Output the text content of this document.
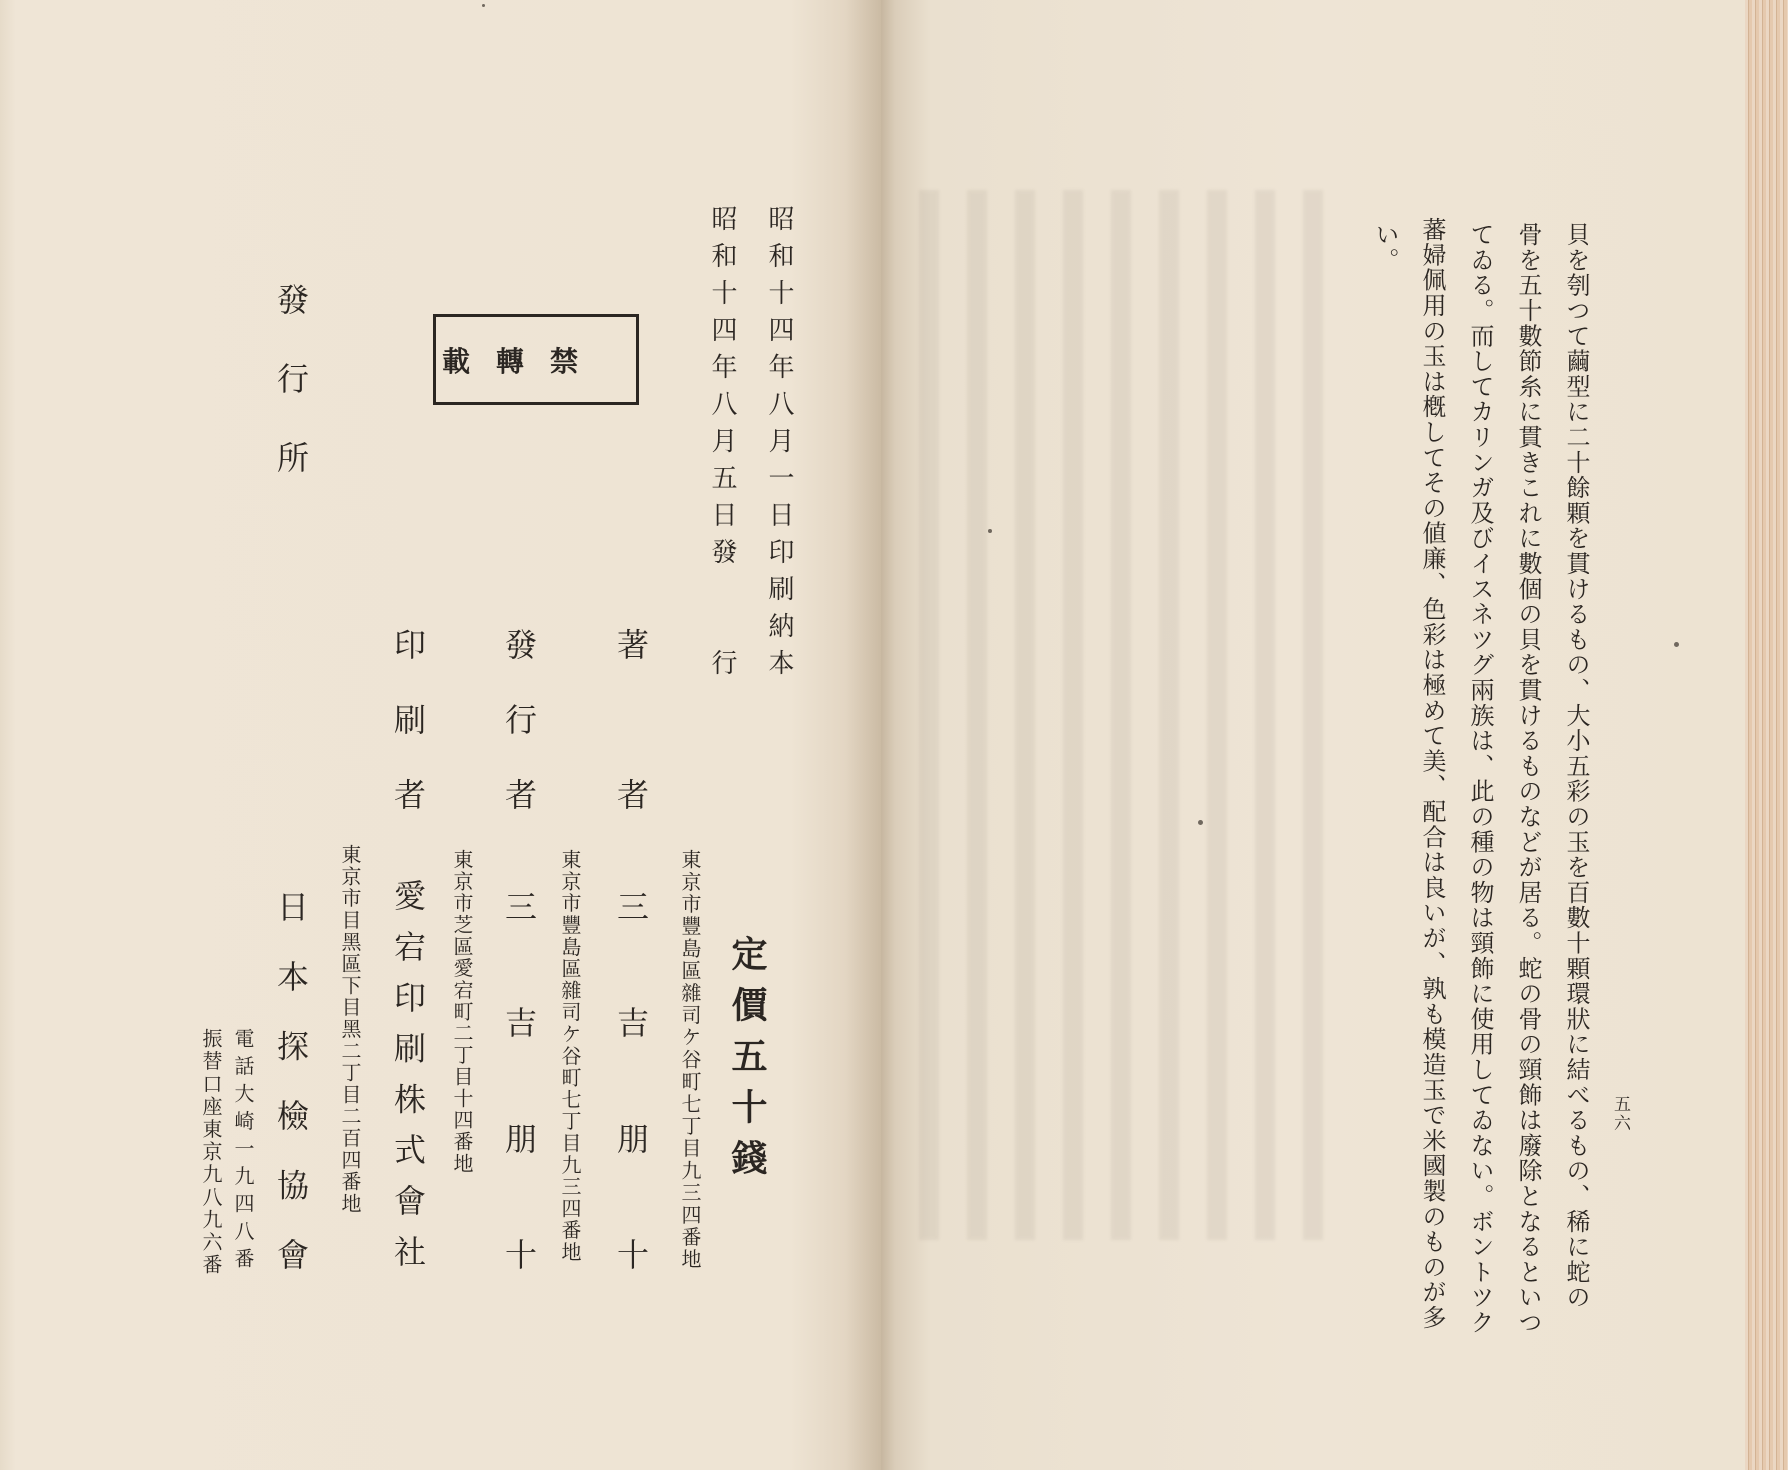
昭和十四年八月一日印刷納本

昭和十四年八月五日發　　行

禁轉載

定價五十錢

東京市豐島區雜司ケ谷町七丁目九三四番地

著者

三吉朋十

東京市豐島區雜司ケ谷町七丁目九三四番地

發行者

三吉朋十

東京市芝區愛宕町二丁目十四番地

印刷者

愛宕印刷株式會社

東京市目黑區下目黑二丁目二百四番地

發行所

日本探檢協會

電話大崎一九四八番

振替口座東京九八九六番	貝を刳つて繭型に二十餘顆を貫けるもの、大小五彩の玉を百數十顆環狀に結べるもの、稀に蛇の

骨を五十數節糸に貫きこれに數個の貝を貫けるものなどが居る。蛇の骨の頸飾は廢除となるといつ

てゐる。而してカリンガ及びイスネツグ兩族は、此の種の物は頸飾に使用してゐない。ボントツク

蕃婦佩用の玉は槪してその値廉、色彩は極めて美、配合は良いが、孰も模造玉で米國製のものが多

い。

五六
